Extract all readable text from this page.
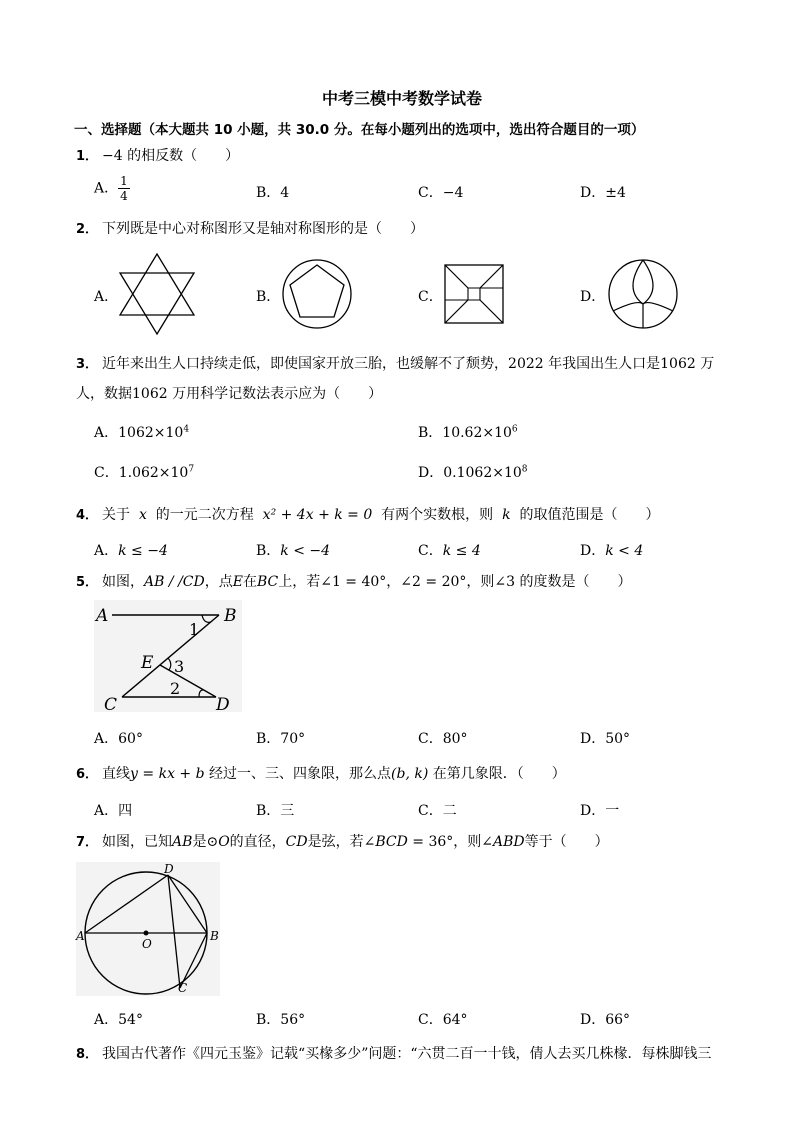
中考三模中考数学试卷
一、选择题（本大题共 10 小题，共 30.0 分。在每小题列出的选项中，选出符合题目的一项）
1． −4 的相反数（　　）
A． $\frac{1}{4}$	B．4	C．−4	D．±4
2． 下列既是中心对称图形又是轴对称图形的是（　　）
A．	B．	C．	D．
3． 近年来出生人口持续走低，即使国家开放三胎，也缓解不了颓势，2022 年我国出生人口是1062 万
人，数据1062 万用科学记数法表示应为（　　）
A．$1062\times 10^4$	B．$10.62\times 10^6$
C．$1.062\times 10^7$	D．$0.1062\times 10^8$
4． 关于 x 的一元二次方程 x² + 4x + k = 0 有两个实数根，则 k 的取值范围是（　　）
A．k ≤ −4	B．k < −4	C．k ≤ 4	D．k < 4
5． 如图，AB / /CD，点E在BC上，若∠1 = 40°，∠2 = 20°，则∠3 的度数是（　　）
A	B
C	D
E
1
2
3
A．60°	B．70°	C．80°	D．50°
6． 直线y = kx + b 经过一、三、四象限，那么点(b, k) 在第几象限．（　　）
A．四	B．三	C．二	D．一
7． 如图，已知AB是⊙O的直径，CD是弦，若∠BCD = 36°，则∠ABD等于（　　）
A	B
C
D
O
A．54°	B．56°	C．64°	D．66°
8． 我国古代著作《四元玉鉴》记载“买椽多少”问题：“六贯二百一十钱，倩人去买几株椽．每株脚钱三
